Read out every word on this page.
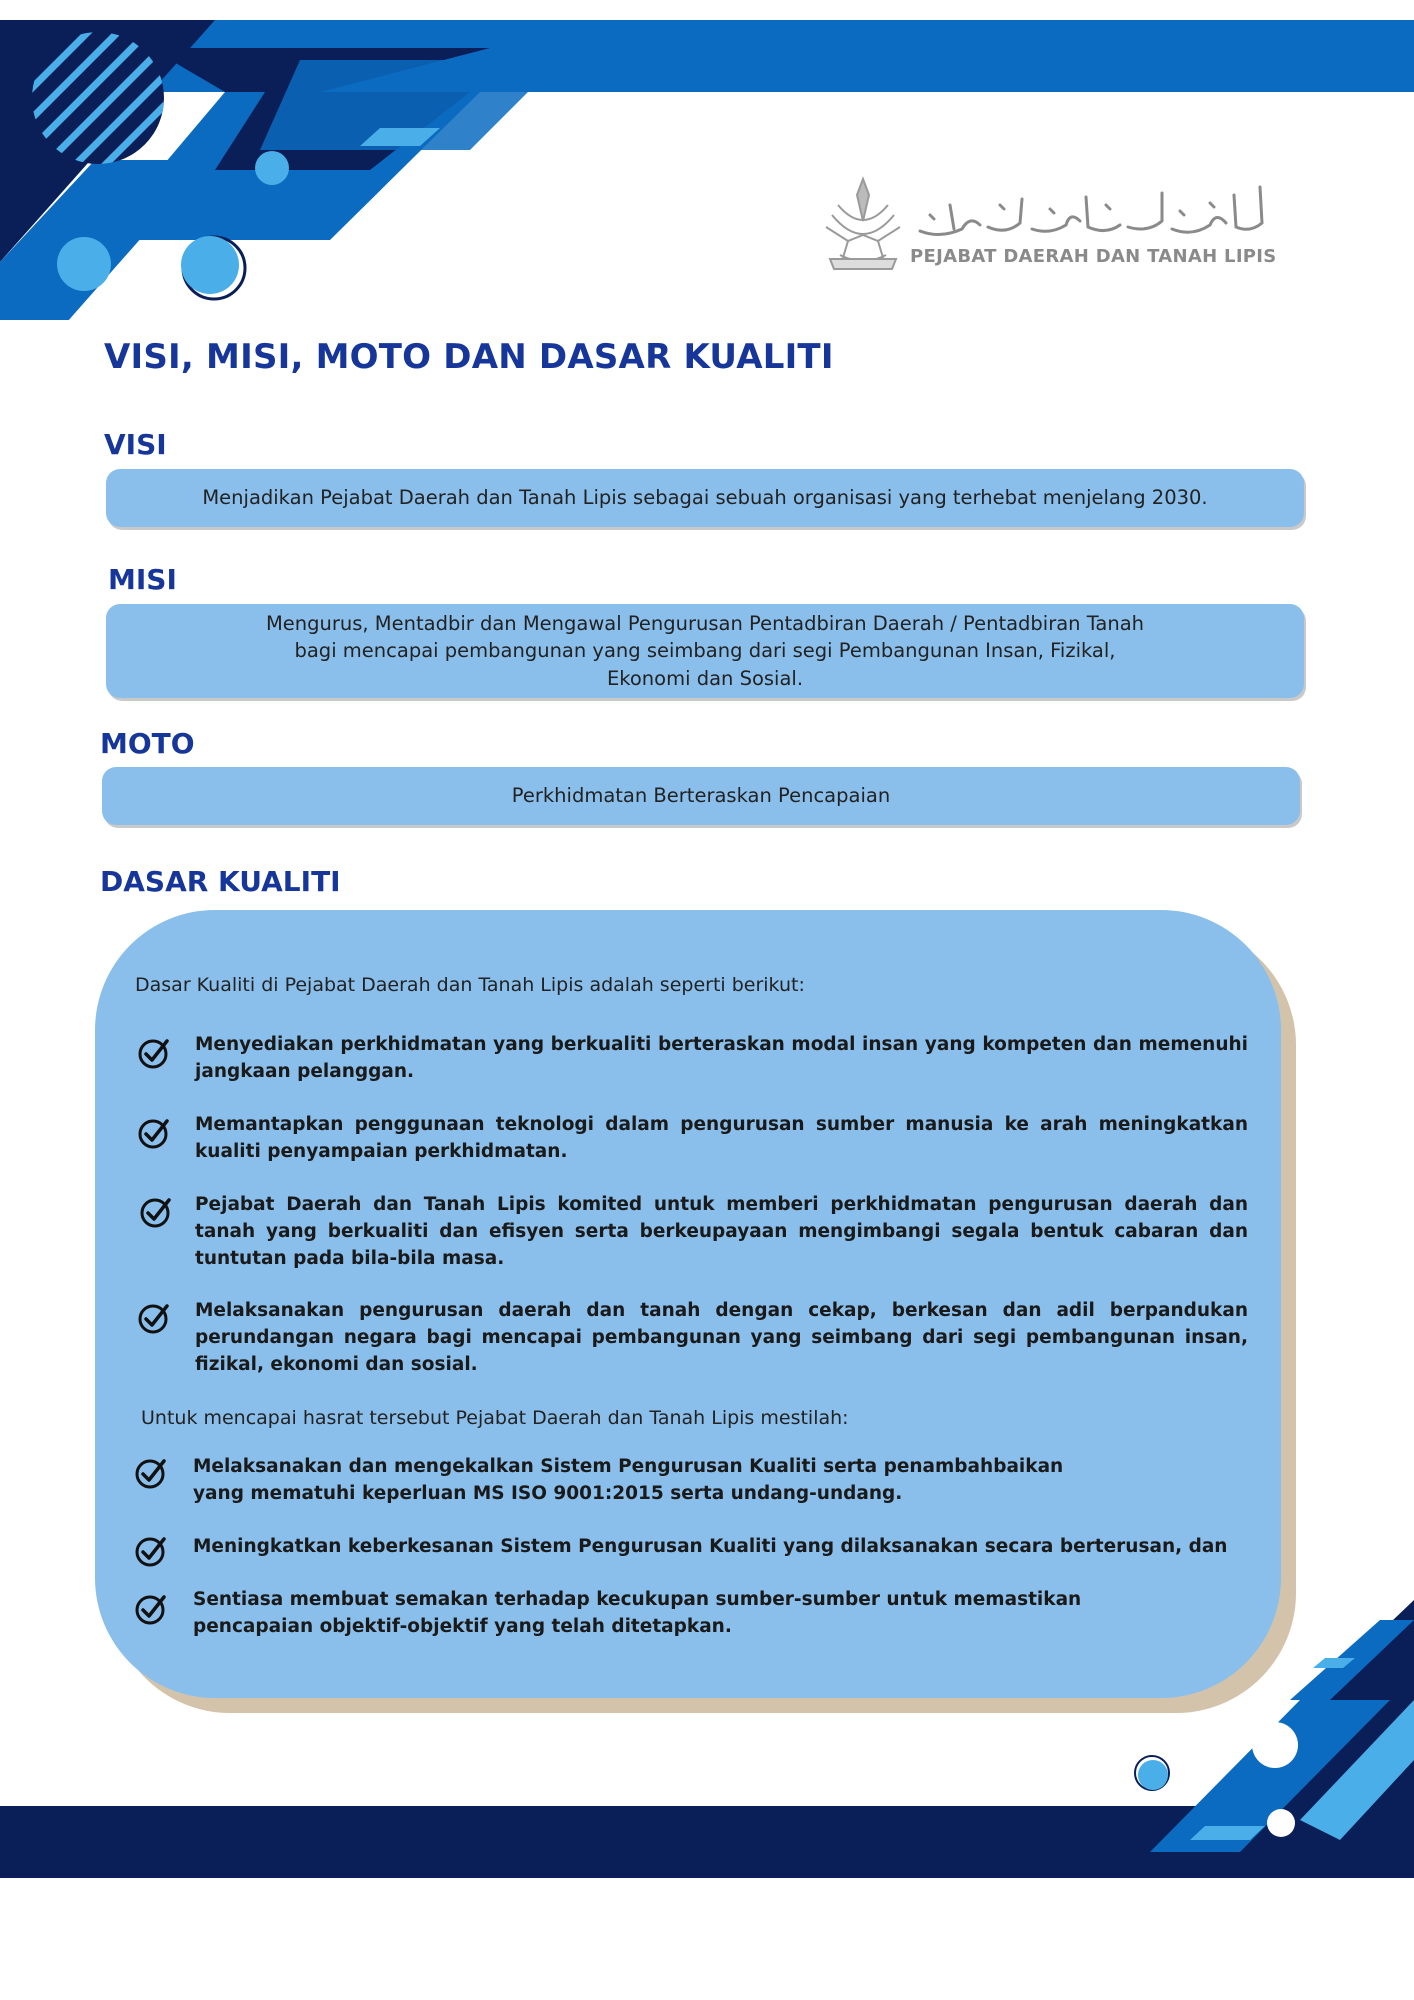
PEJABAT DAERAH DAN TANAH LIPIS
VISI, MISI, MOTO DAN DASAR KUALITI
VISI
Menjadikan Pejabat Daerah dan Tanah Lipis sebagai sebuah organisasi yang terhebat menjelang 2030.
MISI
Mengurus, Mentadbir dan Mengawal Pengurusan Pentadbiran Daerah / Pentadbiran Tanah bagi mencapai pembangunan yang seimbang dari segi Pembangunan Insan, Fizikal, Ekonomi dan Sosial.
MOTO
Perkhidmatan Berteraskan Pencapaian
DASAR KUALITI
Dasar Kualiti di Pejabat Daerah dan Tanah Lipis adalah seperti berikut:
Menyediakan perkhidmatan yang berkualiti berteraskan modal insan yang kompeten dan memenuhi jangkaan pelanggan.
Memantapkan penggunaan teknologi dalam pengurusan sumber manusia ke arah meningkatkan kualiti penyampaian perkhidmatan.
Pejabat Daerah dan Tanah Lipis komited untuk memberi perkhidmatan pengurusan daerah dan tanah yang berkualiti dan efisyen serta berkeupayaan mengimbangi segala bentuk cabaran dan tuntutan pada bila-bila masa.
Melaksanakan pengurusan daerah dan tanah dengan cekap, berkesan dan adil berpandukan perundangan negara bagi mencapai pembangunan yang seimbang dari segi pembangunan insan, fizikal, ekonomi dan sosial.
Untuk mencapai hasrat tersebut Pejabat Daerah dan Tanah Lipis mestilah:
Melaksanakan dan mengekalkan Sistem Pengurusan Kualiti serta penambahbaikan yang mematuhi keperluan MS ISO 9001:2015 serta undang-undang.
Meningkatkan keberkesanan Sistem Pengurusan Kualiti yang dilaksanakan secara berterusan, dan
Sentiasa membuat semakan terhadap kecukupan sumber-sumber untuk memastikan pencapaian objektif-objektif yang telah ditetapkan.
